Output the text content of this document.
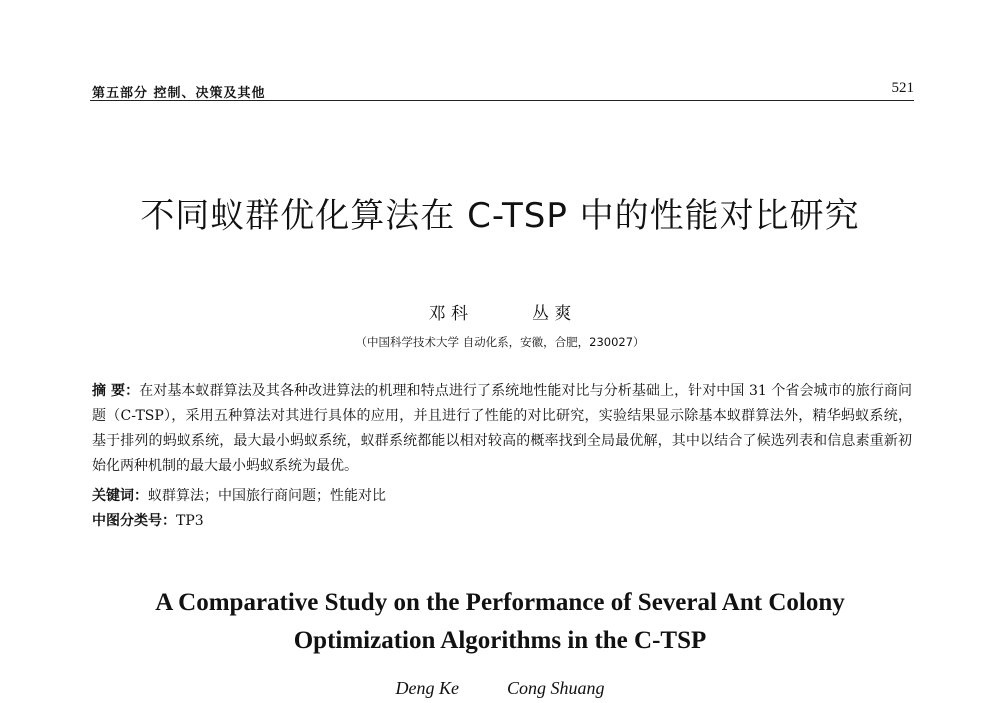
第五部分 控制、决策及其他	521
不同蚁群优化算法在 C-TSP 中的性能对比研究
邓 科	丛 爽
（中国科学技术大学 自动化系，安徽，合肥，230027）
摘 要：在对基本蚁群算法及其各种改进算法的机理和特点进行了系统地性能对比与分析基础上，针对中国 31 个省会城市的旅行商问题（C-TSP），采用五种算法对其进行具体的应用，并且进行了性能的对比研究，实验结果显示除基本蚁群算法外，精华蚂蚁系统，基于排列的蚂蚁系统，最大最小蚂蚁系统，蚁群系统都能以相对较高的概率找到全局最优解，其中以结合了候选列表和信息素重新初始化两种机制的最大最小蚂蚁系统为最优。
关键词：蚁群算法；中国旅行商问题；性能对比
中图分类号：TP3
A Comparative Study on the Performance of Several Ant Colony
Optimization Algorithms in the C-TSP
Deng Ke	Cong Shuang
